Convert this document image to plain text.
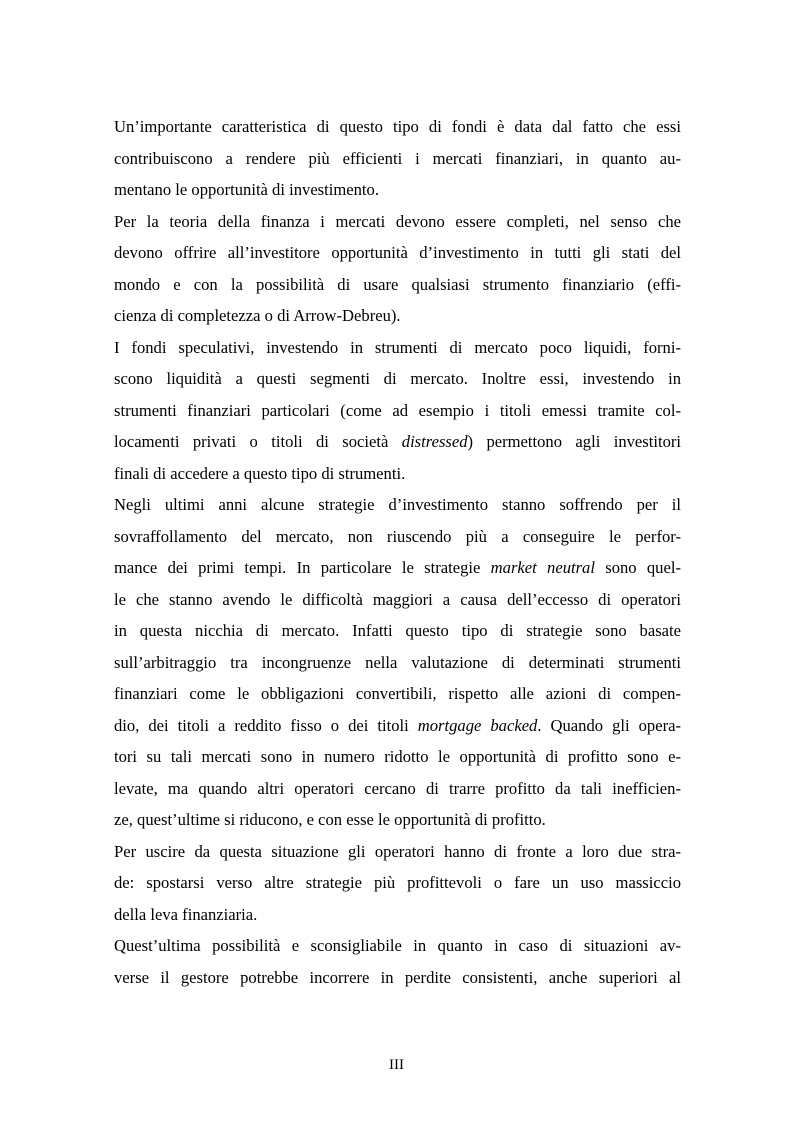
Un’importante caratteristica di questo tipo di fondi è data dal fatto che essi
contribuiscono a rendere più efficienti i mercati finanziari, in quanto au-
mentano le opportunità di investimento.
Per la teoria della finanza i mercati devono essere completi, nel senso che
devono offrire all’investitore opportunità d’investimento in tutti gli stati del
mondo e con la possibilità di usare qualsiasi strumento finanziario (effi-
cienza di completezza o di Arrow-Debreu).
I fondi speculativi, investendo in strumenti di mercato poco liquidi, forni-
scono liquidità a questi segmenti di mercato. Inoltre essi, investendo in
strumenti finanziari particolari (come ad esempio i titoli emessi tramite col-
locamenti privati o titoli di società distressed) permettono agli investitori
finali di accedere a questo tipo di strumenti.
Negli ultimi anni alcune strategie d’investimento stanno soffrendo per il
sovraffollamento del mercato, non riuscendo più a conseguire le perfor-
mance dei primi tempi. In particolare le strategie market neutral sono quel-
le che stanno avendo le difficoltà maggiori a causa dell’eccesso di operatori
in questa nicchia di mercato. Infatti questo tipo di strategie sono basate
sull’arbitraggio tra incongruenze nella valutazione di determinati strumenti
finanziari come le obbligazioni convertibili, rispetto alle azioni di compen-
dio, dei titoli a reddito fisso o dei titoli mortgage backed. Quando gli opera-
tori su tali mercati sono in numero ridotto le opportunità di profitto sono e-
levate, ma quando altri operatori cercano di trarre profitto da tali inefficien-
ze, quest’ultime si riducono, e con esse le opportunità di profitto.
Per uscire da questa situazione gli operatori hanno di fronte a loro due stra-
de: spostarsi verso altre strategie più profittevoli o fare un uso massiccio
della leva finanziaria.
Quest’ultima possibilità e sconsigliabile in quanto in caso di situazioni av-
verse il gestore potrebbe incorrere in perdite consistenti, anche superiori al
III
